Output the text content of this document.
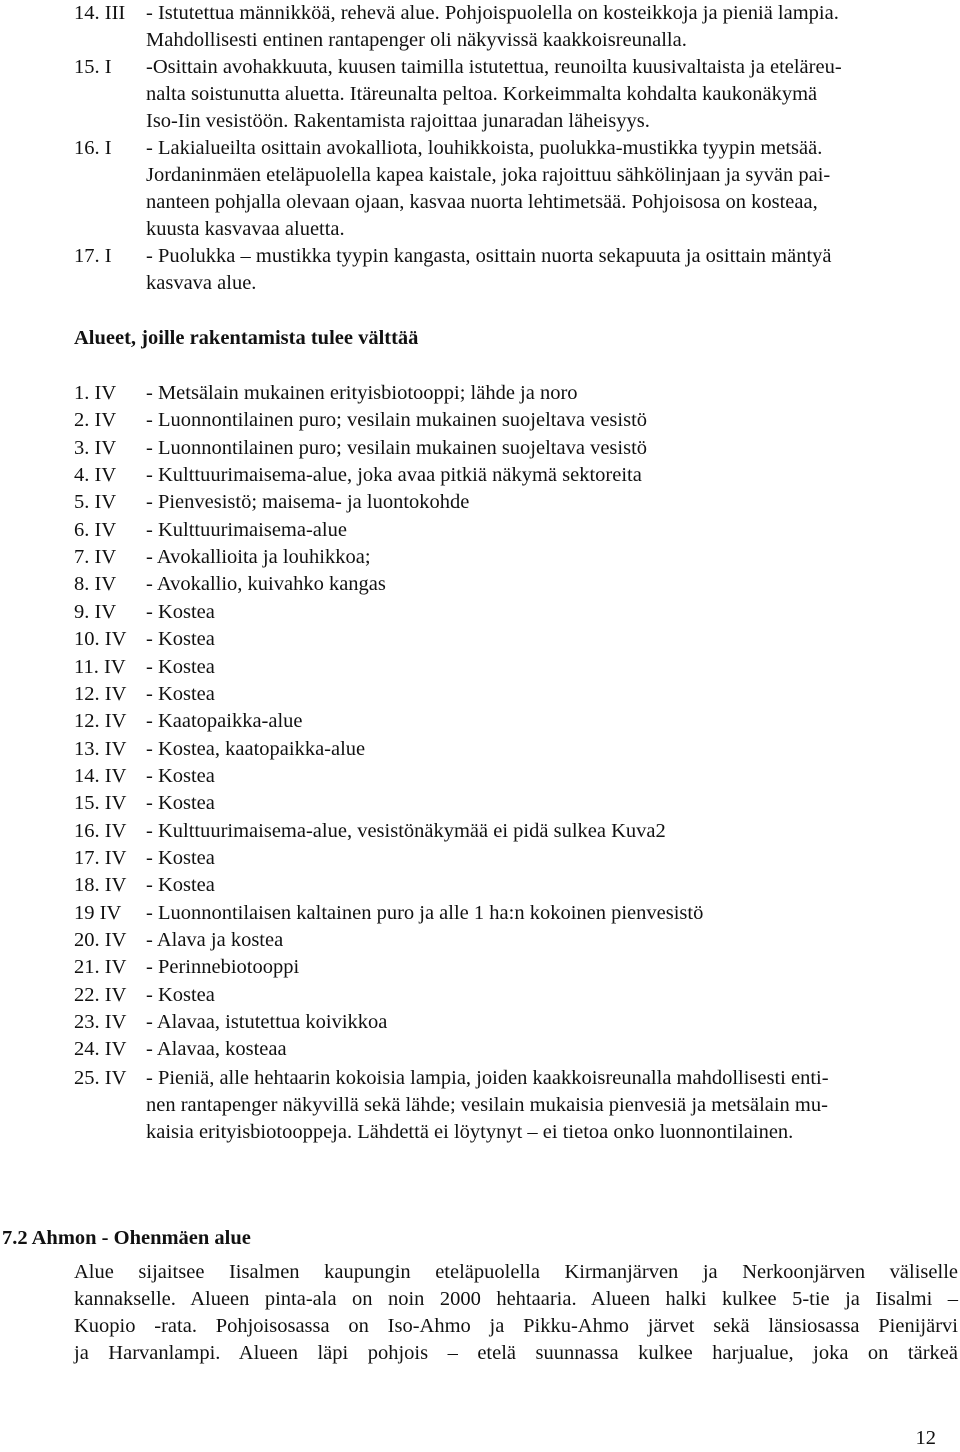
14. III - Istutettua männikköä, rehevä alue. Pohjoispuolella on kosteikkoja ja pieniä lampia.
Mahdollisesti entinen rantapenger oli näkyvissä kaakkoisreunalla.
15. I -Osittain avohakkuuta, kuusen taimilla istutettua, reunoilta kuusivaltaista ja eteläreu-
nalta soistunutta aluetta. Itäreunalta peltoa. Korkeimmalta kohdalta kaukonäkymä
Iso-Iin vesistöön. Rakentamista rajoittaa junaradan läheisyys.
16. I - Lakialueilta osittain avokalliota, louhikkoista, puolukka-mustikka tyypin metsää.
Jordaninmäen eteläpuolella kapea kaistale, joka rajoittuu sähkölinjaan ja syvän pai-
nanteen pohjalla olevaan ojaan, kasvaa nuorta lehtimetsää. Pohjoisosa on kosteaa,
kuusta kasvavaa aluetta.
17. I - Puolukka – mustikka tyypin kangasta, osittain nuorta sekapuuta ja osittain mäntyä
kasvava alue.
Alueet, joille rakentamista tulee välttää
1. IV - Metsälain mukainen erityisbiotooppi; lähde ja noro
2. IV - Luonnontilainen puro; vesilain mukainen suojeltava vesistö
3. IV - Luonnontilainen puro; vesilain mukainen suojeltava vesistö
4. IV - Kulttuurimaisema-alue, joka avaa pitkiä näkymä sektoreita
5. IV - Pienvesistö; maisema- ja luontokohde
6. IV - Kulttuurimaisema-alue
7. IV - Avokallioita ja louhikkoa;
8. IV - Avokallio, kuivahko kangas
9. IV - Kostea
10. IV - Kostea
11. IV - Kostea
12. IV - Kostea
12. IV - Kaatopaikka-alue
13. IV - Kostea, kaatopaikka-alue
14. IV - Kostea
15. IV - Kostea
16. IV - Kulttuurimaisema-alue, vesistönäkymää ei pidä sulkea Kuva2
17. IV - Kostea
18. IV - Kostea
19 IV - Luonnontilaisen kaltainen puro ja alle 1 ha:n kokoinen pienvesistö
20. IV - Alava ja kostea
21. IV - Perinnebiotooppi
22. IV - Kostea
23. IV - Alavaa, istutettua koivikkoa
24. IV - Alavaa, kosteaa
25. IV - Pieniä, alle hehtaarin kokoisia lampia, joiden kaakkoisreunalla mahdollisesti enti-
nen rantapenger näkyvillä sekä lähde; vesilain mukaisia pienvesiä ja metsälain mu-
kaisia erityisbiotooppeja. Lähdettä ei löytynyt – ei tietoa onko luonnontilainen.
7.2 Ahmon - Ohenmäen alue
Alue sijaitsee Iisalmen kaupungin eteläpuolella Kirmanjärven ja Nerkoonjärven väliselle
kannakselle. Alueen pinta-ala on noin 2000 hehtaaria. Alueen halki kulkee 5-tie ja Iisalmi –
Kuopio -rata. Pohjoisosassa on Iso-Ahmo ja Pikku-Ahmo järvet sekä länsiosassa Pienijärvi
ja Harvanlampi. Alueen läpi pohjois – etelä suunnassa kulkee harjualue, joka on tärkeä
12
